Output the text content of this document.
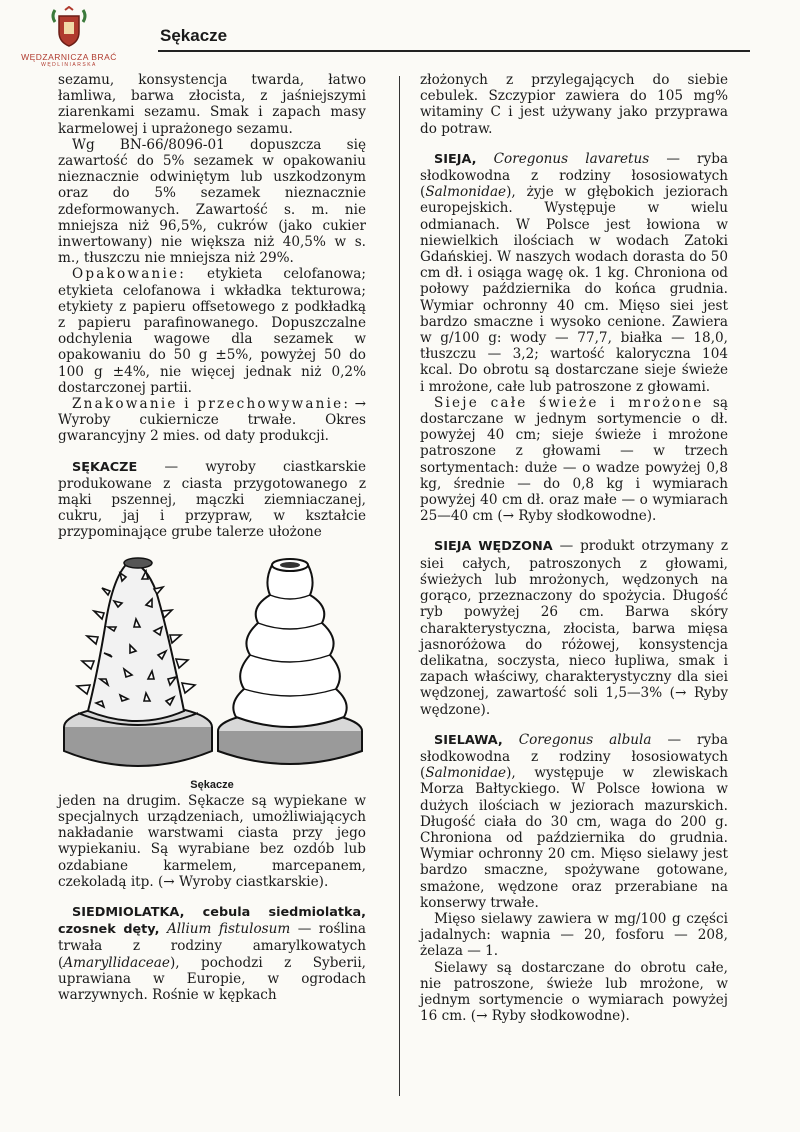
WĘDZARNICZA BRAĆ
WĘDLINIARSKA
Sękacze

sezamu, konsystencja twarda, łatwo łamliwa, barwa złocista, z jaśniejszymi ziarenkami sezamu. Smak i zapach masy karmelowej i uprażonego sezamu.

Wg BN-66/8096-01 dopuszcza się zawartość do 5% sezamek w opakowaniu nieznacznie odwiniętym lub uszkodzonym oraz do 5% sezamek nieznacznie zdeformowanych. Zawartość s. m. nie mniejsza niż 96,5%, cukrów (jako cukier inwertowany) nie większa niż 40,5% w s. m., tłuszczu nie mniejsza niż 29%.

Opakowanie: etykieta celofanowa; etykieta celofanowa i wkładka tekturowa; etykiety z papieru offsetowego z podkładką z papieru parafinowanego. Dopuszczalne odchylenia wagowe dla sezamek w opakowaniu do 50 g ±5%, powyżej 50 do 100 g ±4%, nie więcej jednak niż 0,2% dostarczonej partii.

Znakowanie i przechowywanie: → Wyroby cukiernicze trwałe. Okres gwarancyjny 2 mies. od daty produkcji.

SĘKACZE — wyroby ciastkarskie produkowane z ciasta przygotowanego z mąki pszennej, mączki ziemniaczanej, cukru, jaj i przypraw, w kształcie przypominające grube talerze ułożone

Sękacze

jeden na drugim. Sękacze są wypiekane w specjalnych urządzeniach, umożliwiających nakładanie warstwami ciasta przy jego wypiekaniu. Są wyrabiane bez ozdób lub ozdabiane karmelem, marcepanem, czekoladą itp. (→ Wyroby ciastkarskie).

SIEDMIOLATKA, cebula siedmiolatka, czosnek dęty, Allium fistulosum — roślina trwała z rodziny amarylkowatych (Amaryllidaceae), pochodzi z Syberii, uprawiana w Europie, w ogrodach warzywnych. Rośnie w kępkach

złożonych z przylegających do siebie cebulek. Szczypior zawiera do 105 mg% witaminy C i jest używany jako przyprawa do potraw.

SIEJA, Coregonus lavaretus — ryba słodkowodna z rodziny łososiowatych (Salmonidae), żyje w głębokich jeziorach europejskich. Występuje w wielu odmianach. W Polsce jest łowiona w niewielkich ilościach w wodach Zatoki Gdańskiej. W naszych wodach dorasta do 50 cm dł. i osiąga wagę ok. 1 kg. Chroniona od połowy października do końca grudnia. Wymiar ochronny 40 cm. Mięso siei jest bardzo smaczne i wysoko cenione. Zawiera w g/100 g: wody — 77,7, białka — 18,0, tłuszczu — 3,2; wartość kaloryczna 104 kcal. Do obrotu są dostarczane sieje świeże i mrożone, całe lub patroszone z głowami.

Sieje całe świeże i mrożone są dostarczane w jednym sortymencie o dł. powyżej 40 cm; sieje świeże i mrożone patroszone z głowami — w trzech sortymentach: duże — o wadze powyżej 0,8 kg, średnie — do 0,8 kg i wymiarach powyżej 40 cm dł. oraz małe — o wymiarach 25—40 cm (→ Ryby słodkowodne).

SIEJA WĘDZONA — produkt otrzymany z siei całych, patroszonych z głowami, świeżych lub mrożonych, wędzonych na gorąco, przeznaczony do spożycia. Długość ryb powyżej 26 cm. Barwa skóry charakterystyczna, złocista, barwa mięsa jasnoróżowa do różowej, konsystencja delikatna, soczysta, nieco łupliwa, smak i zapach właściwy, charakterystyczny dla siei wędzonej, zawartość soli 1,5—3% (→ Ryby wędzone).

SIELAWA, Coregonus albula — ryba słodkowodna z rodziny łososiowatych (Salmonidae), występuje w zlewiskach Morza Bałtyckiego. W Polsce łowiona w dużych ilościach w jeziorach mazurskich. Długość ciała do 30 cm, waga do 200 g. Chroniona od października do grudnia. Wymiar ochronny 20 cm. Mięso sielawy jest bardzo smaczne, spożywane gotowane, smażone, wędzone oraz przerabiane na konserwy trwałe.

Mięso sielawy zawiera w mg/100 g części jadalnych: wapnia — 20, fosforu — 208, żelaza — 1.

Sielawy są dostarczane do obrotu całe, nie patroszone, świeże lub mrożone, w jednym sortymencie o wymiarach powyżej 16 cm. (→ Ryby słodkowodne).
